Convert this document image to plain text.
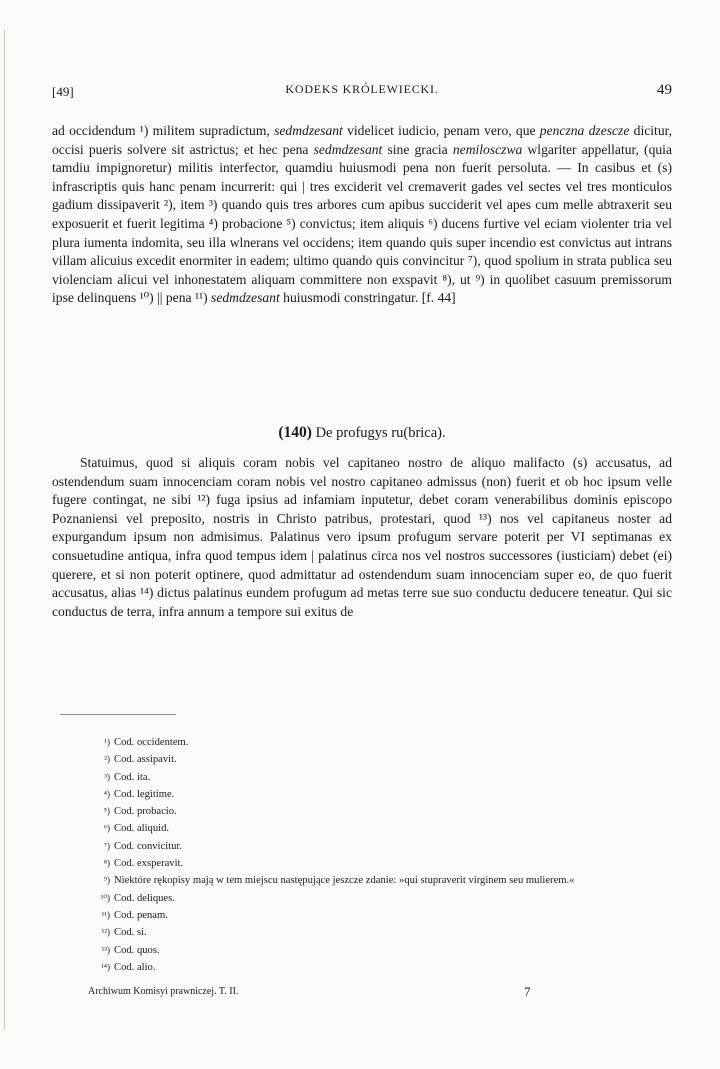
[49]	KODEKS KRÓLEWIECKI.	49
ad occidendum ¹) militem supradictum, sedmdzesant videlicet iudicio, penam vero, que penczna dzescze dicitur, occisi pueris solvere sit astrictus; et hec pena sedmdzesant sine gracia nemilosczwa wlgariter appellatur, (quia tamdiu impignoretur) militis interfector, quamdiu huiusmodi pena non fuerit persoluta. — In casibus et (s) infrascriptis quis hanc penam incurrerit: qui | tres exciderit vel cremaverit gades vel sectes vel tres monticulos gadium dissipaverit ²), item ³) quando quis tres arbores cum apibus succiderit vel apes cum melle abtraxerit seu exposuerit et fuerit legitima ⁴) probacione ⁵) convictus; item aliquis ⁶) ducens furtive vel eciam violenter tria vel plura iumenta indomita, seu illa wlnerans vel occidens; item quando quis super incendio est convictus aut intrans villam alicuius excedit enormiter in eadem; ultimo quando quis convincitur ⁷), quod spolium in strata publica seu violenciam alicui vel inhonestatem aliquam committere non exspavit ⁸), ut ⁹) in quolibet casuum premissorum ipse delinquens ¹⁰) || pena ¹¹) sedmdzesant huiusmodi constringatur. [f. 44]
(140) De profugys ru(brica).
Statuimus, quod si aliquis coram nobis vel capitaneo nostro de aliquo malifacto (s) accusatus, ad ostendendum suam innocenciam coram nobis vel nostro capitaneo admissus (non) fuerit et ob hoc ipsum velle fugere contingat, ne sibi ¹²) fuga ipsius ad infamiam inputetur, debet coram venerabilibus dominis episcopo Poznaniensi vel preposito, nostris in Christo patribus, protestari, quod ¹³) nos vel capitaneus noster ad expurgandum ipsum non admisimus. Palatinus vero ipsum profugum servare poterit per VI septimanas ex consuetudine antiqua, infra quod tempus idem | palatinus circa nos vel nostros successores (iusticiam) debet (ei) querere, et si non poterit optinere, quod admittatur ad ostendendum suam innocenciam super eo, de quo fuerit accusatus, alias ¹⁴) dictus palatinus eundem profugum ad metas terre sue suo conductu deducere teneatur. Qui sic conductus de terra, infra annum a tempore sui exitus de
¹) Cod. occidentem.
²) Cod. assipavit.
³) Cod. ita.
⁴) Cod. legitime.
⁵) Cod. probacio.
⁶) Cod. aliquid.
⁷) Cod. convicitur.
⁸) Cod. exsperavit.
⁹) Niektóre rękopisy mają w tem miejscu następujące jeszcze zdanie: »qui stupraverit virginem seu mulierem.«
¹⁰) Cod. deliques.
¹¹) Cod. penam.
¹²) Cod. si.
¹³) Cod. quos.
¹⁴) Cod. alio.
Archiwum Komisyi prawniczej. T. II.	7
